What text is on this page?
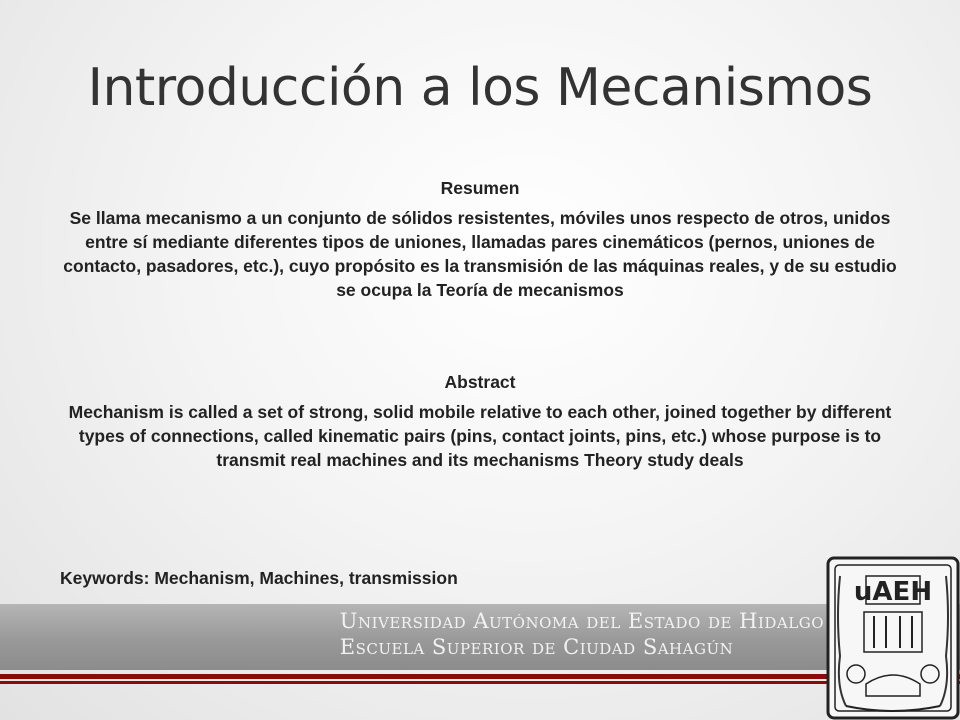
Introducción a los Mecanismos
Resumen

Se llama mecanismo a un conjunto de sólidos resistentes, móviles unos respecto de otros, unidos entre sí mediante diferentes tipos de uniones, llamadas pares cinemáticos (pernos, uniones de contacto, pasadores, etc.), cuyo propósito es la transmisión de las máquinas reales, y de su estudio se ocupa la Teoría de mecanismos

Abstract

Mechanism is called a set of strong, solid mobile relative to each other, joined together by different types of connections, called kinematic pairs (pins, contact joints, pins, etc.) whose purpose is to transmit real machines and its mechanisms Theory study deals

Keywords: Mechanism, Machines, transmission
Universidad Autónoma del Estado de Hidalgo
Escuela Superior de Ciudad Sahagún
uAEH
